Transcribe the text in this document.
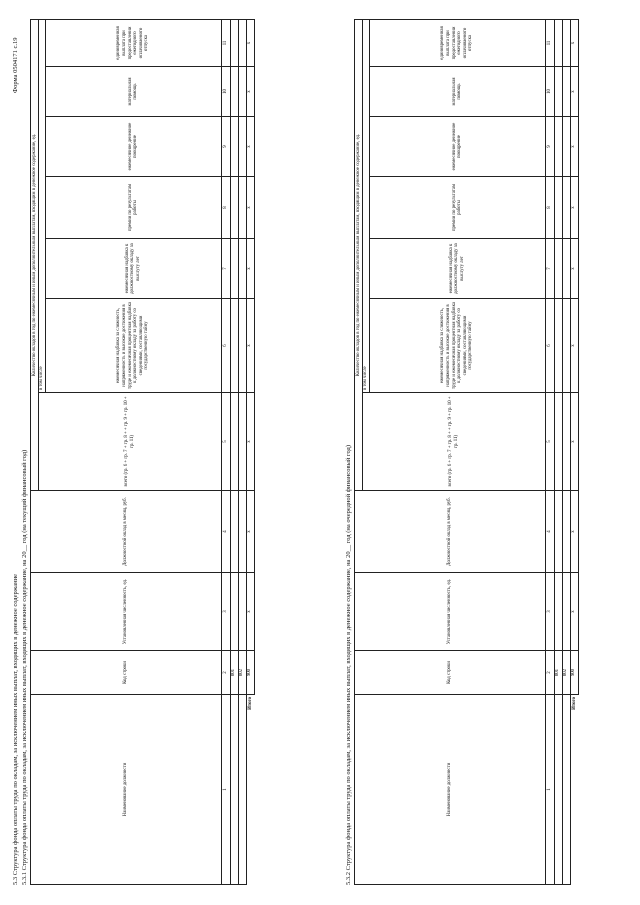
Форма 0504171 с.19
5.3 Структура фонда оплаты труда по окладам, за исключением иных выплат, входящих в денежное содержание 5.3.1 Структура фонда оплаты труда по окладам, за исключением иных выплат, входящих в денежное содержание, на 20__ год (на текущий финансовый год)	Наименование должности	Код строки	Установленная численность, ед.	Должностной оклад в месяц, руб.	Количество окладов в год по ежемесячным и иным дополнительным выплатам, входящим в денежное содержание, ед.						
				всего (гр. 6 + гр. 7 + гр. 8 + + гр. 9 + гр. 10 + гр. 11)	в том числе					
					ежемесячная надбавка за сложность, напряженность и высокие достижения в труде и ежемесячная процентная надбавка к должностному окладу за работу со сведениями, составляющими государственную тайну	ежемесячная надбавка к должностному окладу за выслугу лет	премии по результатам работы	ежемесячное денежное поощрение	материальная помощь	единовременная выплата при предоставлении ежегодного оплачиваемого отпуска
1	2	3	4	5	6	7	8	9	10	11
	001									
	002									
Итого	900	x	x	x	x	x	x	x	x	x
5.3.2 Структура фонда оплаты труда по окладам, за исключением иных выплат, входящих в денежное содержание, на 20__ год (на очередной финансовый год)	Наименование должности	Код строки	Установленная численность, ед.	Должностной оклад в месяц, руб.	Количество окладов в год по ежемесячным и иным дополнительным выплатам, входящим в денежное содержание, ед.						
				всего (гр. 6 + гр. 7 + гр. 8 + + гр. 9 + гр. 10 + гр. 11)	в том числе					
					ежемесячная надбавка за сложность, напряженность и высокие достижения в труде и ежемесячная процентная надбавка к должностному окладу за работу со сведениями, составляющими государственную тайну	ежемесячная надбавка к должностному окладу за выслугу лет	премии по результатам работы	ежемесячное денежное поощрение	материальная помощь	единовременная выплата при предоставлении ежегодного оплачиваемого отпуска
1	2	3	4	5	6	7	8	9	10	11
	001									
	002									
Итого	900	x	x	x	x	x	x	x	x	x
